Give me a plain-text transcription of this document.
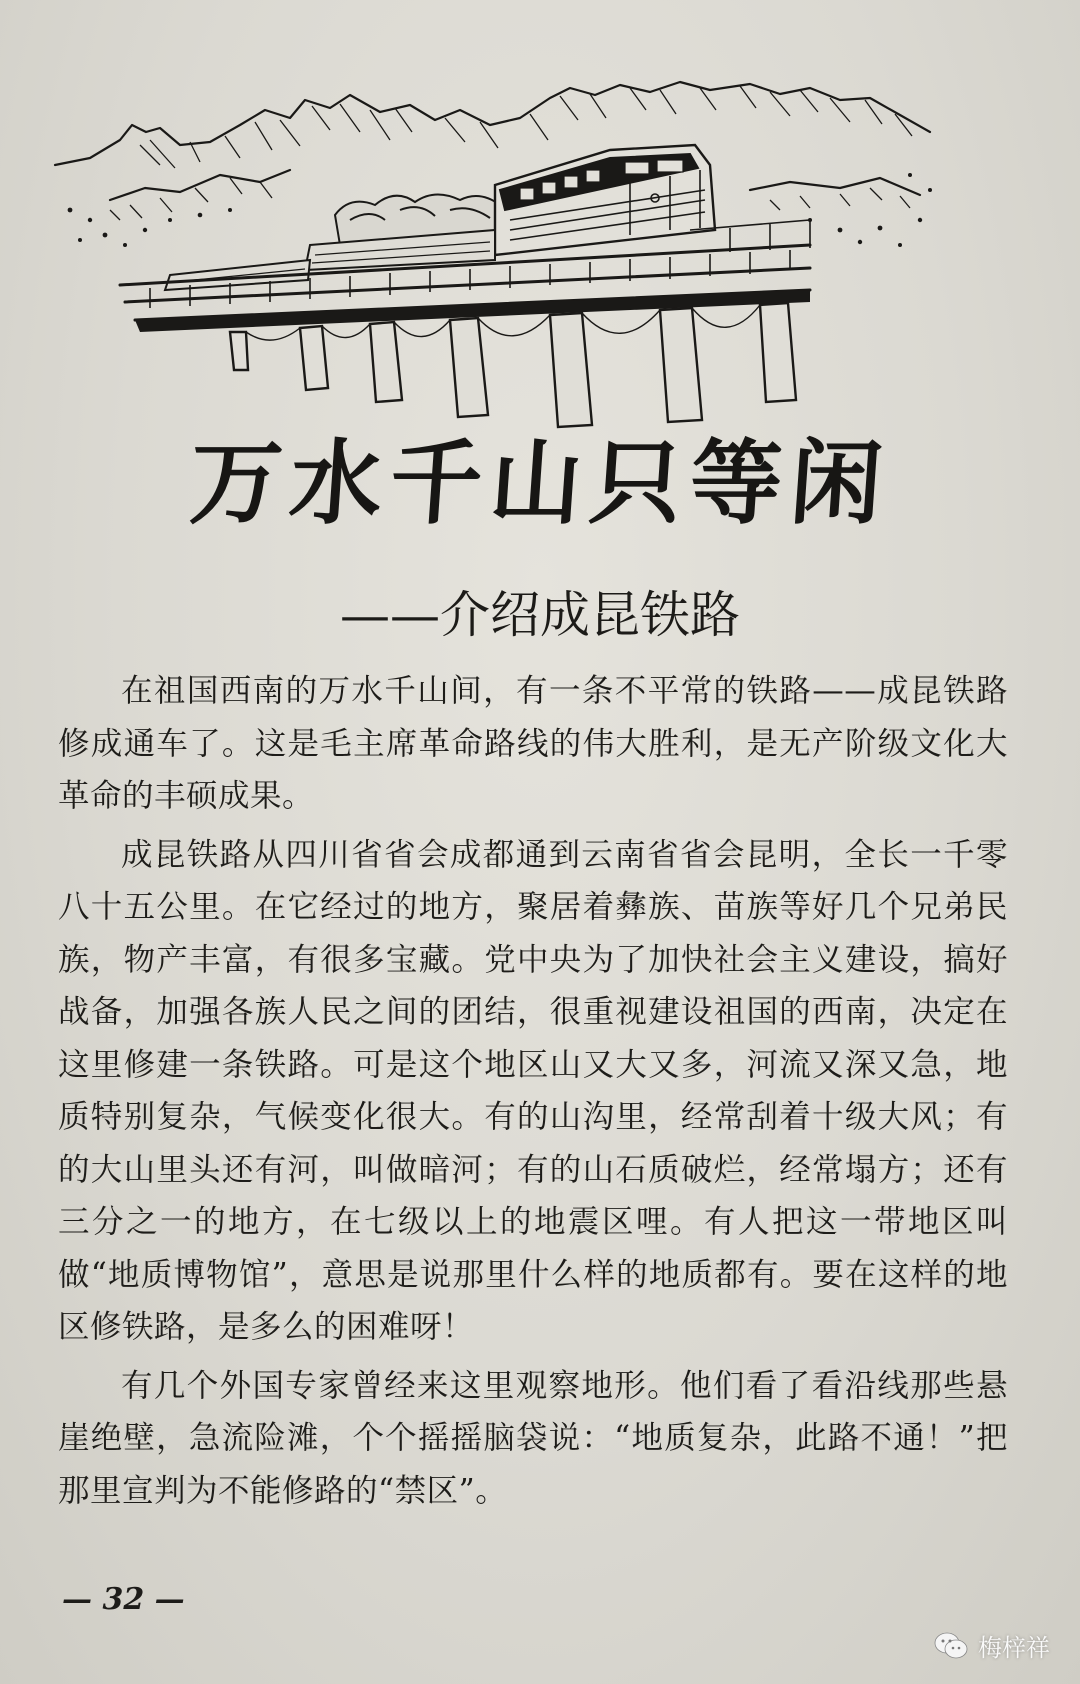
万水千山只等闲
——介绍成昆铁路

在祖国西南的万水千山间，有一条不平常的铁路——成昆铁路修成通车了。这是毛主席革命路线的伟大胜利，是无产阶级文化大革命的丰硕成果。

成昆铁路从四川省省会成都通到云南省省会昆明，全长一千零八十五公里。在它经过的地方，聚居着彝族、苗族等好几个兄弟民族，物产丰富，有很多宝藏。党中央为了加快社会主义建设，搞好战备，加强各族人民之间的团结，很重视建设祖国的西南，决定在这里修建一条铁路。可是这个地区山又大又多，河流又深又急，地质特别复杂，气候变化很大。有的山沟里，经常刮着十级大风；有的大山里头还有河，叫做暗河；有的山石质破烂，经常塌方；还有三分之一的地方，在七级以上的地震区哩。有人把这一带地区叫做“地质博物馆”，意思是说那里什么样的地质都有。要在这样的地区修铁路，是多么的困难呀！

有几个外国专家曾经来这里观察地形。他们看了看沿线那些悬崖绝壁，急流险滩，个个摇摇脑袋说：“地质复杂，此路不通！”把那里宣判为不能修路的“禁区”。

— 32 —
梅梓祥
